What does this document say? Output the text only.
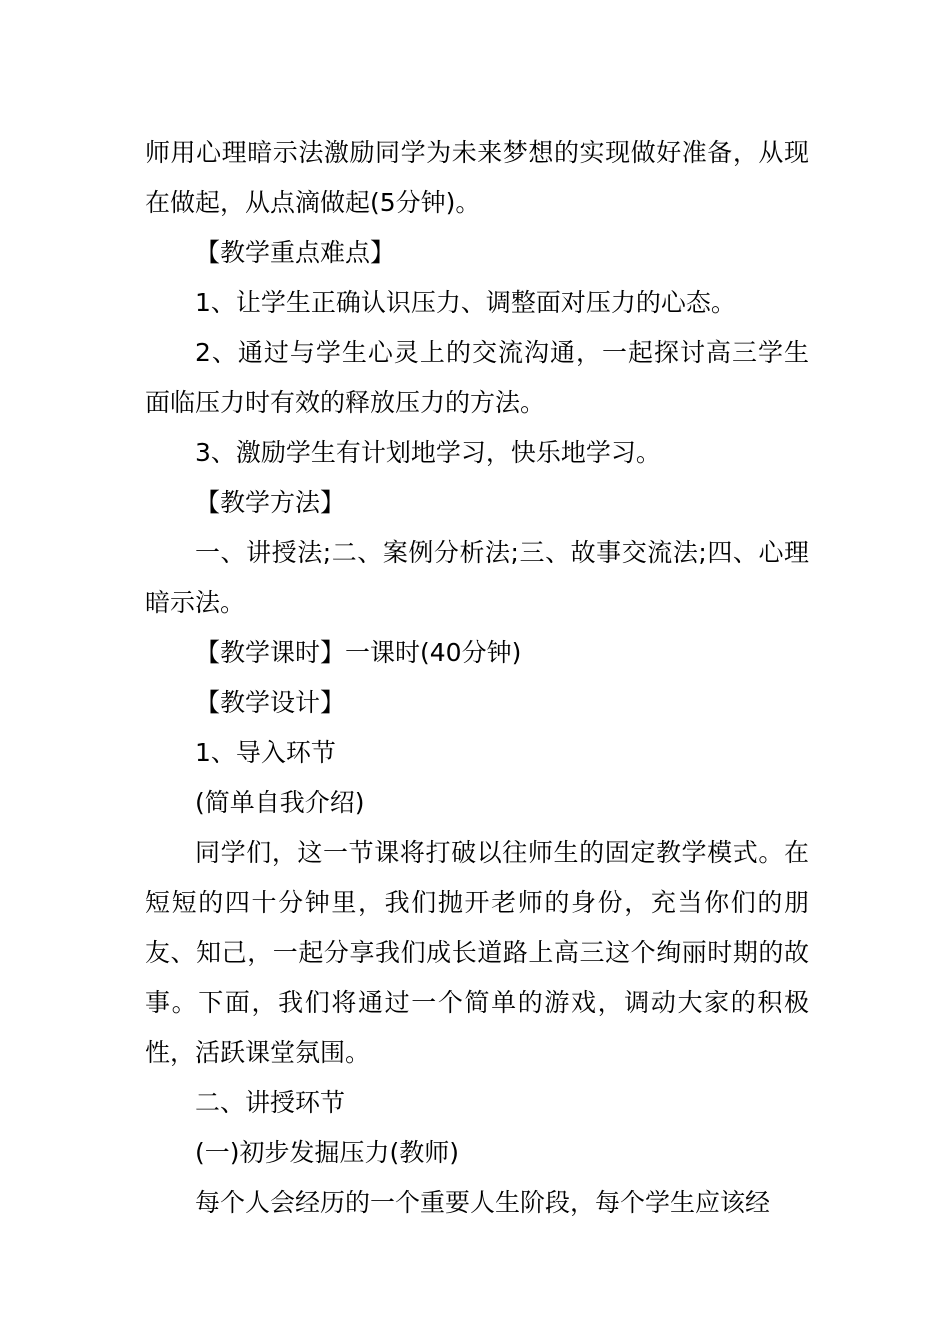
师用心理暗示法激励同学为未来梦想的实现做好准备，从现在做起，从点滴做起(5分钟)。

【教学重点难点】

1、让学生正确认识压力、调整面对压力的心态。

2、通过与学生心灵上的交流沟通，一起探讨高三学生面临压力时有效的释放压力的方法。

3、激励学生有计划地学习，快乐地学习。

【教学方法】

一、讲授法;二、案例分析法;三、故事交流法;四、心理暗示法。

【教学课时】一课时(40分钟)

【教学设计】

1、导入环节

(简单自我介绍)

同学们，这一节课将打破以往师生的固定教学模式。在短短的四十分钟里，我们抛开老师的身份，充当你们的朋友、知己，一起分享我们成长道路上高三这个绚丽时期的故事。下面，我们将通过一个简单的游戏，调动大家的积极性，活跃课堂氛围。

二、讲授环节

(一)初步发掘压力(教师)

每个人会经历的一个重要人生阶段，每个学生应该经
